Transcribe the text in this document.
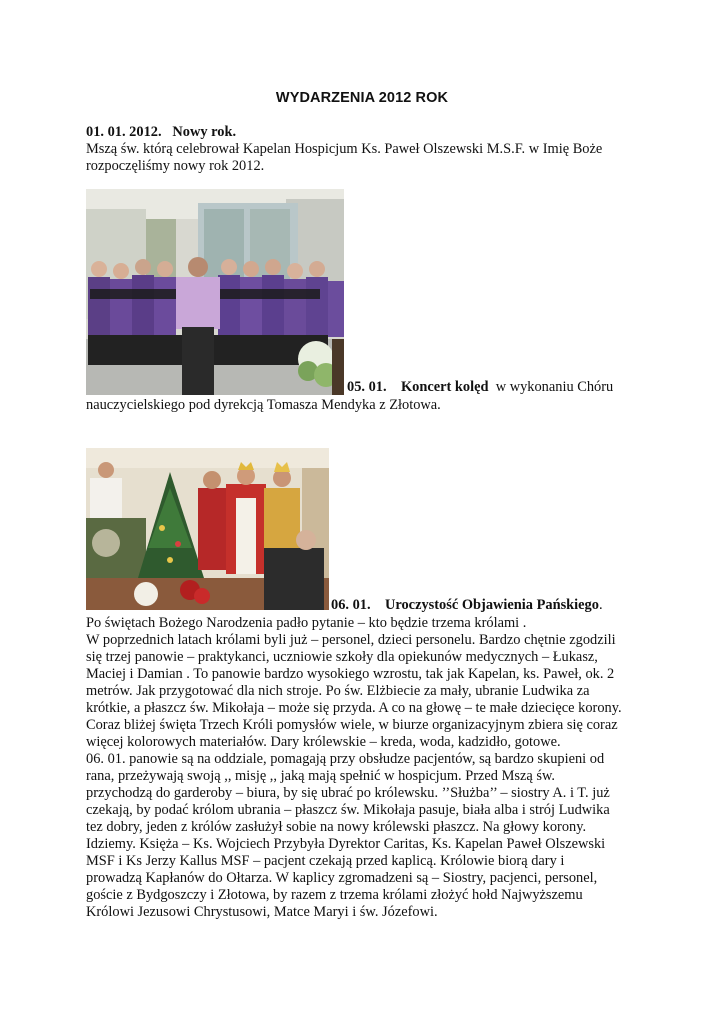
WYDARZENIA 2012 ROK
01. 01. 2012. Nowy rok.
Mszą św. którą celebrował Kapelan Hospicjum Ks. Paweł Olszewski M.S.F. w Imię Boże
rozpoczęliśmy nowy rok 2012.
05. 01. Koncert kolęd w wykonaniu Chóru
nauczycielskiego pod dyrekcją Tomasza Mendyka z Złotowa.
06. 01. Uroczystość Objawienia Pańskiego.
Po świętach Bożego Narodzenia padło pytanie – kto będzie trzema królami .
W poprzednich latach królami byli już – personel, dzieci personelu. Bardzo chętnie zgodzili
się trzej panowie – praktykanci, uczniowie szkoły dla opiekunów medycznych – Łukasz,
Maciej i Damian . To panowie bardzo wysokiego wzrostu, tak jak Kapelan, ks. Paweł, ok. 2
metrów. Jak przygotować dla nich stroje. Po św. Elżbiecie za mały, ubranie Ludwika za
krótkie, a płaszcz św. Mikołaja – może się przyda. A co na głowę – te małe dziecięce korony.
Coraz bliżej święta Trzech Króli pomysłów wiele, w biurze organizacyjnym zbiera się coraz
więcej kolorowych materiałów. Dary królewskie – kreda, woda, kadzidło, gotowe.
06. 01. panowie są na oddziale, pomagają przy obsłudze pacjentów, są bardzo skupieni od
rana, przeżywają swoją ,, misję ,, jaką mają spełnić w hospicjum. Przed Mszą św.
przychodzą do garderoby – biura, by się ubrać po królewsku. ’’Służba’’ – siostry A. i T. już
czekają, by podać królom ubrania – płaszcz św. Mikołaja pasuje, biała alba i strój Ludwika
tez dobry, jeden z królów zasłużył sobie na nowy królewski płaszcz. Na głowy korony.
Idziemy. Księża – Ks. Wojciech Przybyła Dyrektor Caritas, Ks. Kapelan Paweł Olszewski
MSF i Ks Jerzy Kallus MSF – pacjent czekają przed kaplicą. Królowie biorą dary i
prowadzą Kapłanów do Ołtarza. W kaplicy zgromadzeni są – Siostry, pacjenci, personel,
goście z Bydgoszczy i Złotowa, by razem z trzema królami złożyć hołd Najwyższemu
Królowi Jezusowi Chrystusowi, Matce Maryi i św. Józefowi.
